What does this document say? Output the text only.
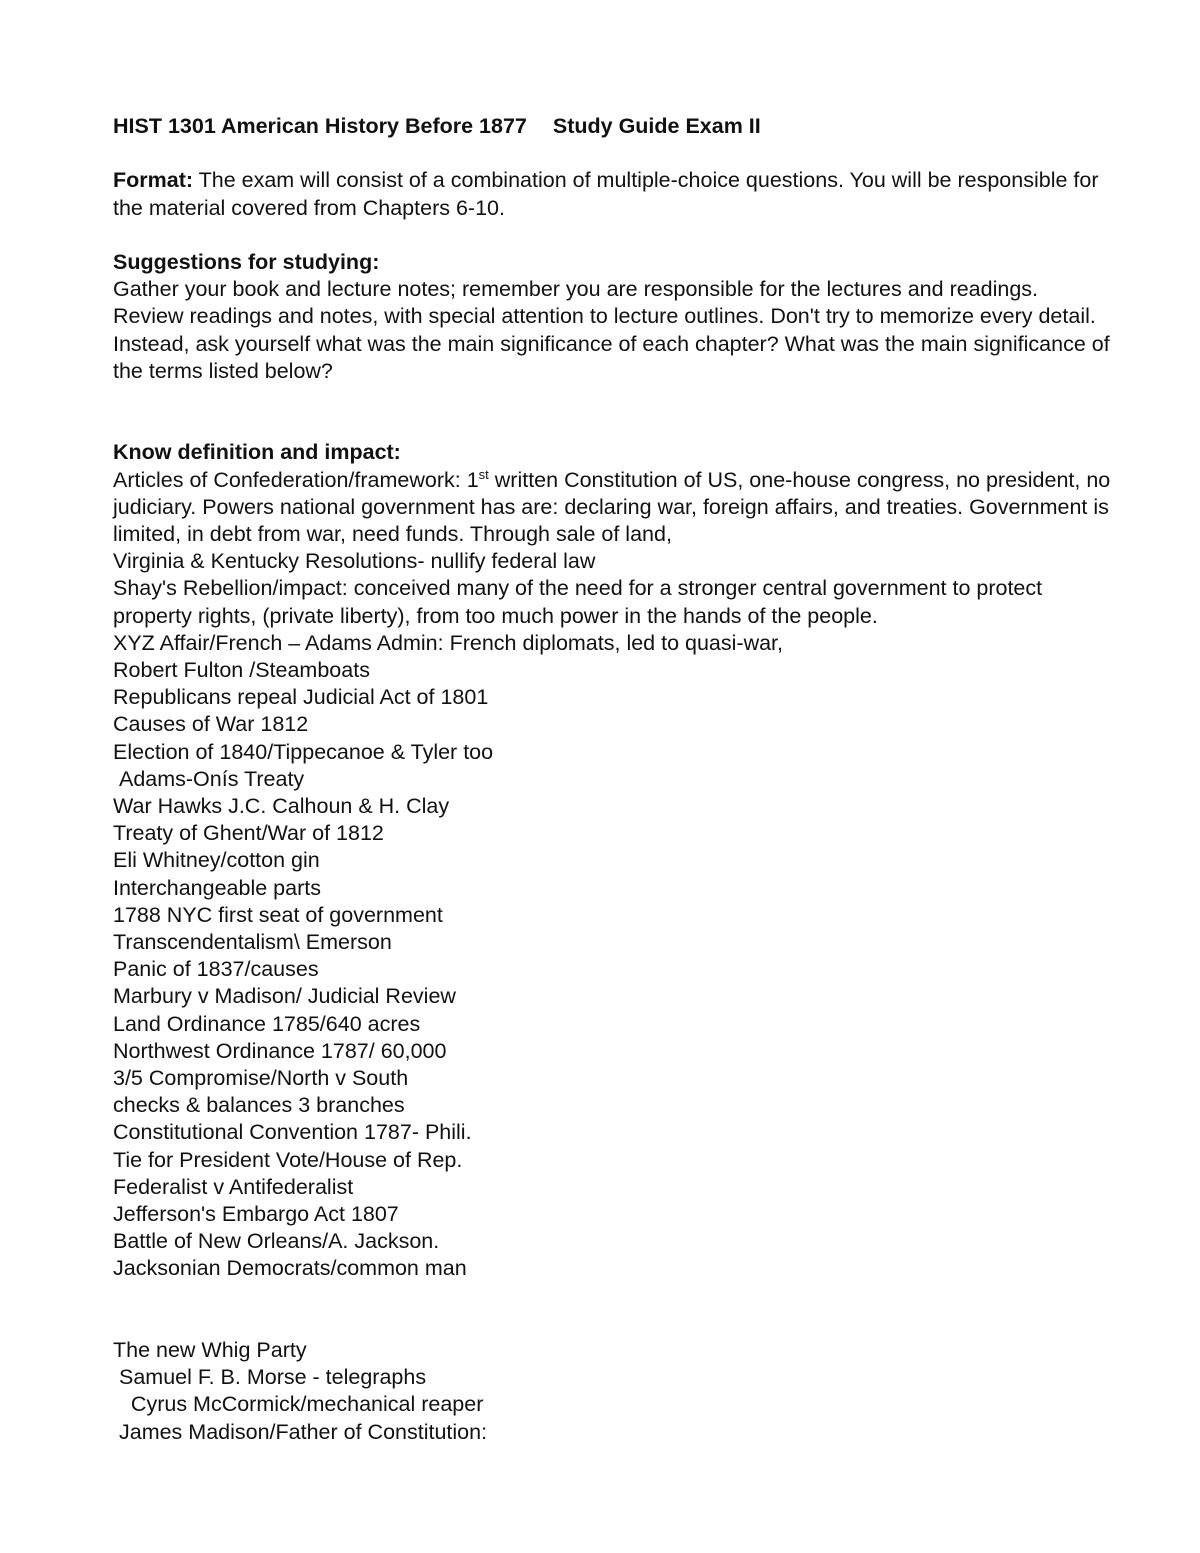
HIST 1301 American History Before 1877 Study Guide Exam II

Format: The exam will consist of a combination of multiple-choice questions. You will be responsible for the material covered from Chapters 6-10.

Suggestions for studying:

Gather your book and lecture notes; remember you are responsible for the lectures and readings. Review readings and notes, with special attention to lecture outlines. Don't try to memorize every detail. Instead, ask yourself what was the main significance of each chapter? What was the main significance of the terms listed below?

Know definition and impact:

Articles of Confederation/framework: 1st written Constitution of US, one-house congress, no president, no judiciary. Powers national government has are: declaring war, foreign affairs, and treaties. Government is limited, in debt from war, need funds. Through sale of land,

Virginia & Kentucky Resolutions- nullify federal law
Shay's Rebellion/impact: conceived many of the need for a stronger central government to protect property rights, (private liberty), from too much power in the hands of the people.
XYZ Affair/French – Adams Admin: French diplomats, led to quasi-war,
Robert Fulton /Steamboats
Republicans repeal Judicial Act of 1801
Causes of War 1812
Election of 1840/Tippecanoe & Tyler too
Adams-Onís Treaty
War Hawks J.C. Calhoun & H. Clay
Treaty of Ghent/War of 1812
Eli Whitney/cotton gin
Interchangeable parts
1788 NYC first seat of government
Transcendentalism\ Emerson
Panic of 1837/causes
Marbury v Madison/ Judicial Review
Land Ordinance 1785/640 acres
Northwest Ordinance 1787/ 60,000
3/5 Compromise/North v South
checks & balances 3 branches
Constitutional Convention 1787- Phili.
Tie for President Vote/House of Rep.
Federalist v Antifederalist
Jefferson's Embargo Act 1807
Battle of New Orleans/A. Jackson.
Jacksonian Democrats/common man
The new Whig Party
Samuel F. B. Morse - telegraphs
Cyrus McCormick/mechanical reaper
James Madison/Father of Constitution:
